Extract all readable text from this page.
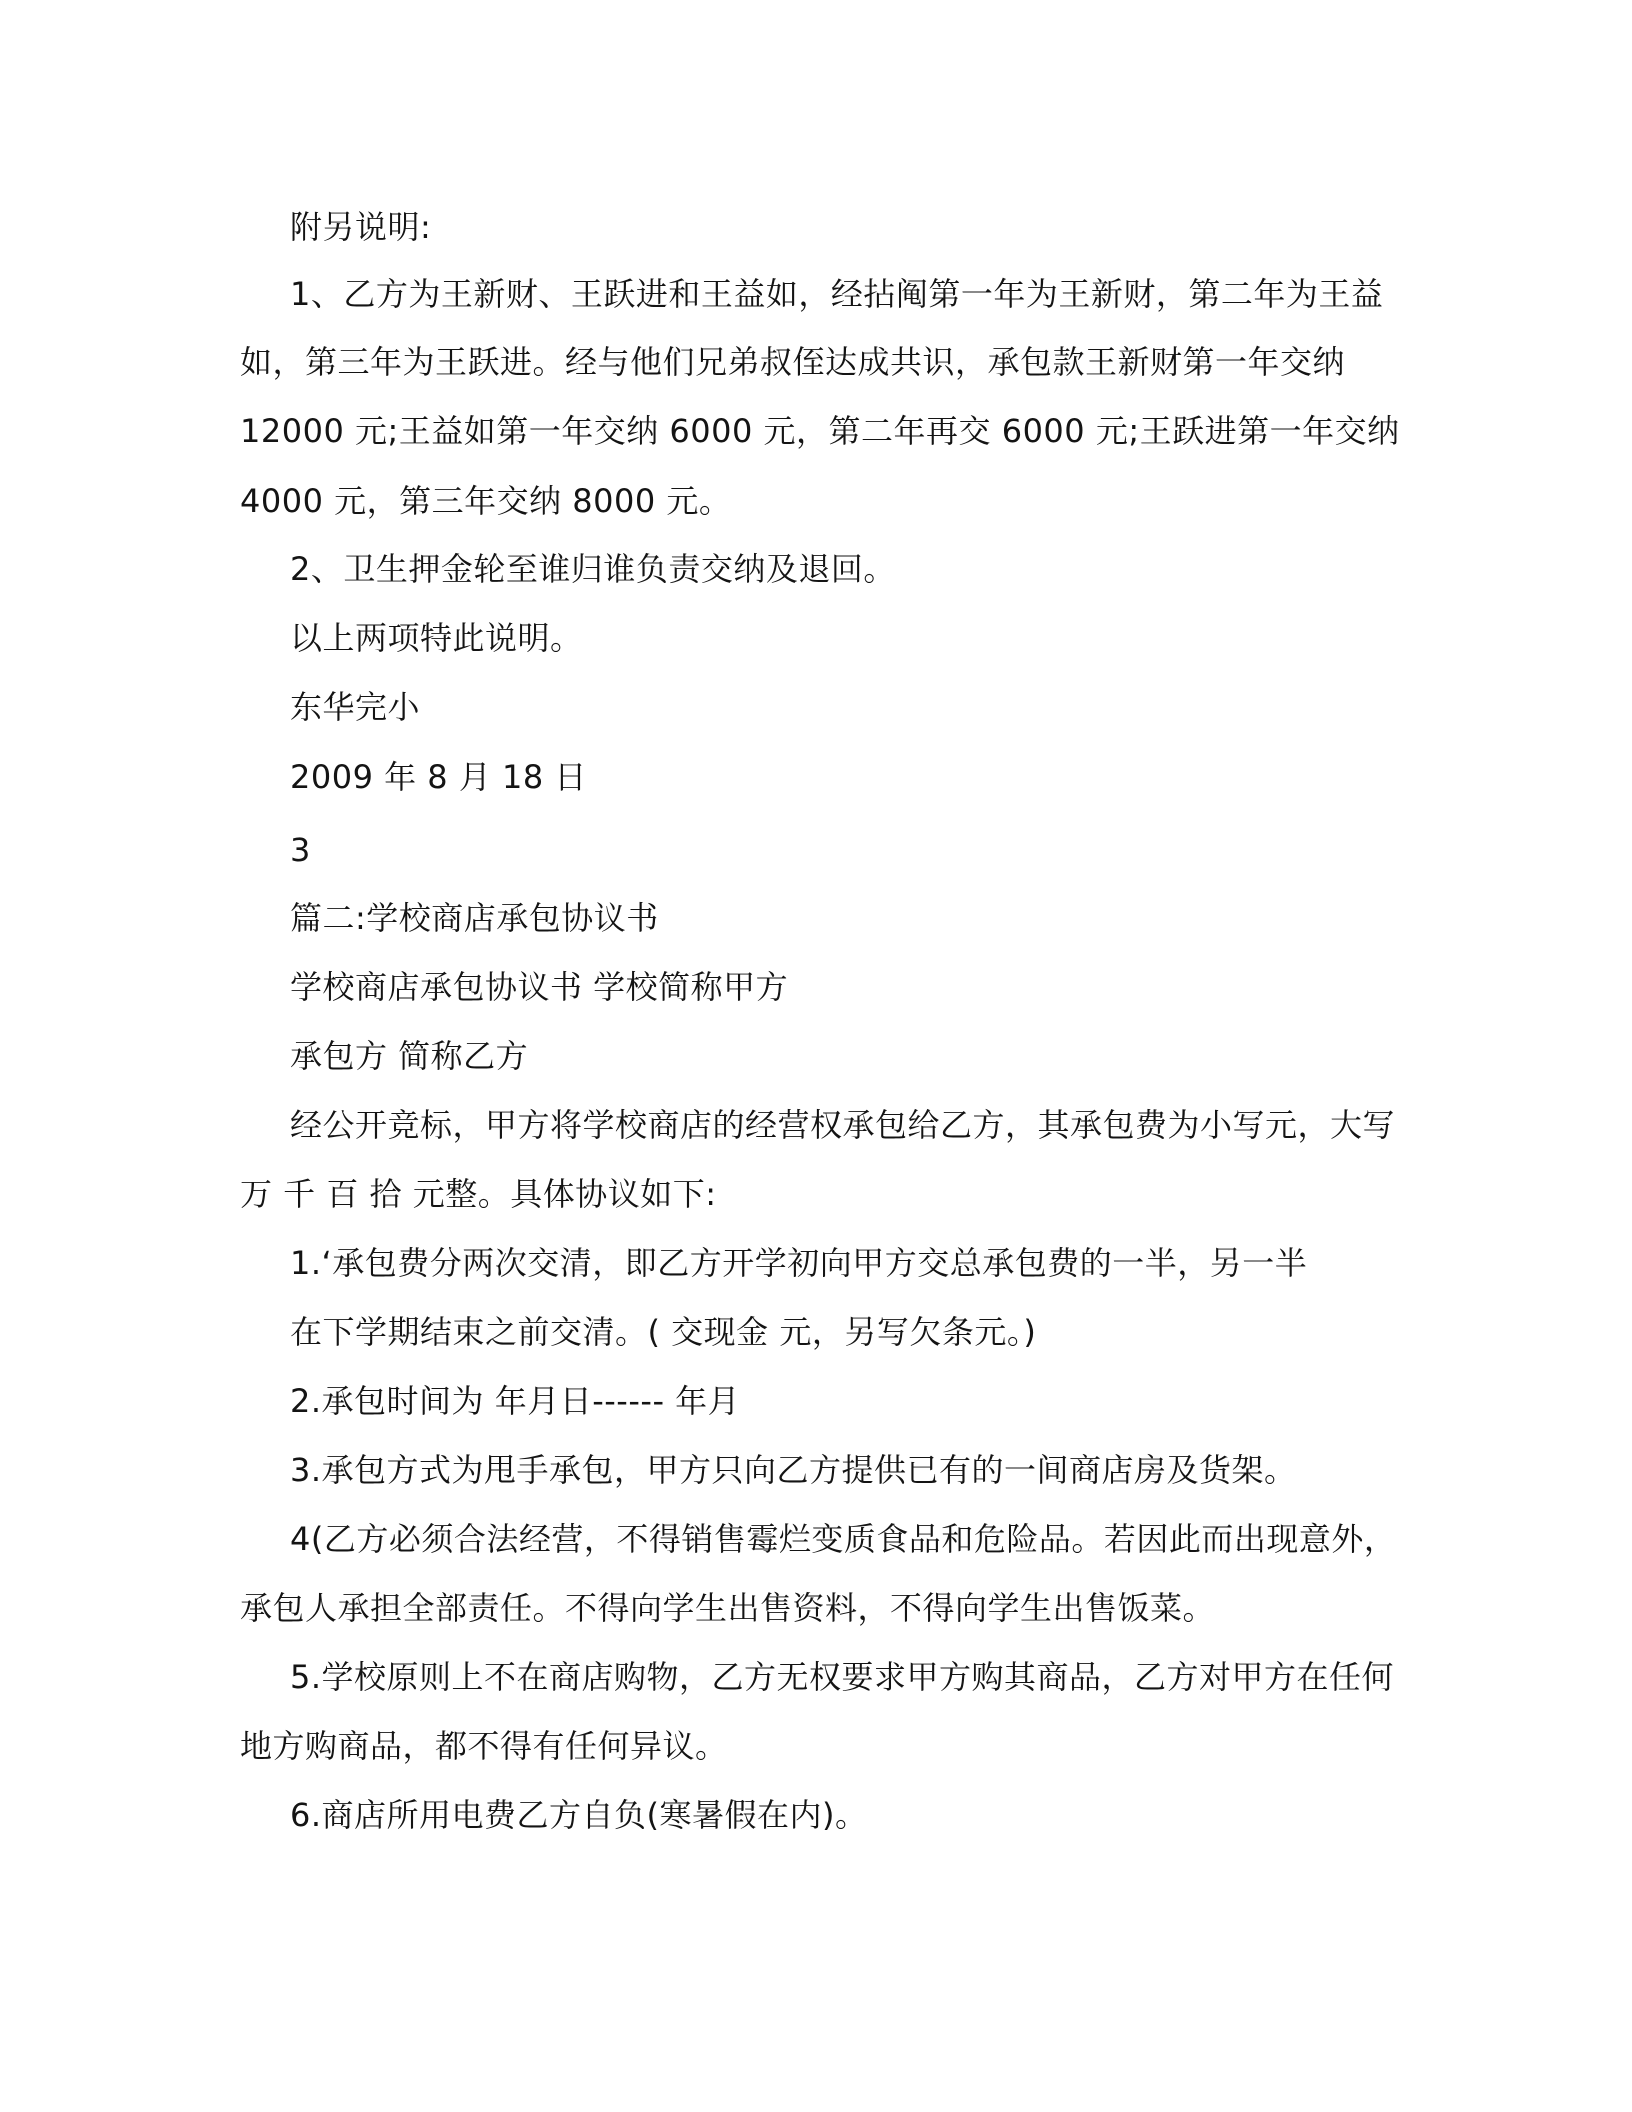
附另说明:
1、乙方为王新财、王跃进和王益如，经拈阄第一年为王新财，第二年为王益
如，第三年为王跃进。经与他们兄弟叔侄达成共识，承包款王新财第一年交纳
12000 元;王益如第一年交纳 6000 元，第二年再交 6000 元;王跃进第一年交纳
4000 元，第三年交纳 8000 元。
2、卫生押金轮至谁归谁负责交纳及退回。
以上两项特此说明。
东华完小
2009 年 8 月 18 日
3
篇二:学校商店承包协议书
学校商店承包协议书 学校简称甲方
承包方 简称乙方
经公开竞标，甲方将学校商店的经营权承包给乙方，其承包费为小写元，大写
万 千 百 拾 元整。具体协议如下:
1.‘承包费分两次交清，即乙方开学初向甲方交总承包费的一半，另一半
在下学期结束之前交清。( 交现金 元，另写欠条元。)
2.承包时间为 年月日------ 年月
3.承包方式为甩手承包，甲方只向乙方提供已有的一间商店房及货架。
4(乙方必须合法经营，不得销售霉烂变质食品和危险品。若因此而出现意外，
承包人承担全部责任。不得向学生出售资料，不得向学生出售饭菜。
5.学校原则上不在商店购物，乙方无权要求甲方购其商品，乙方对甲方在任何
地方购商品，都不得有任何异议。
6.商店所用电费乙方自负(寒暑假在内)。
